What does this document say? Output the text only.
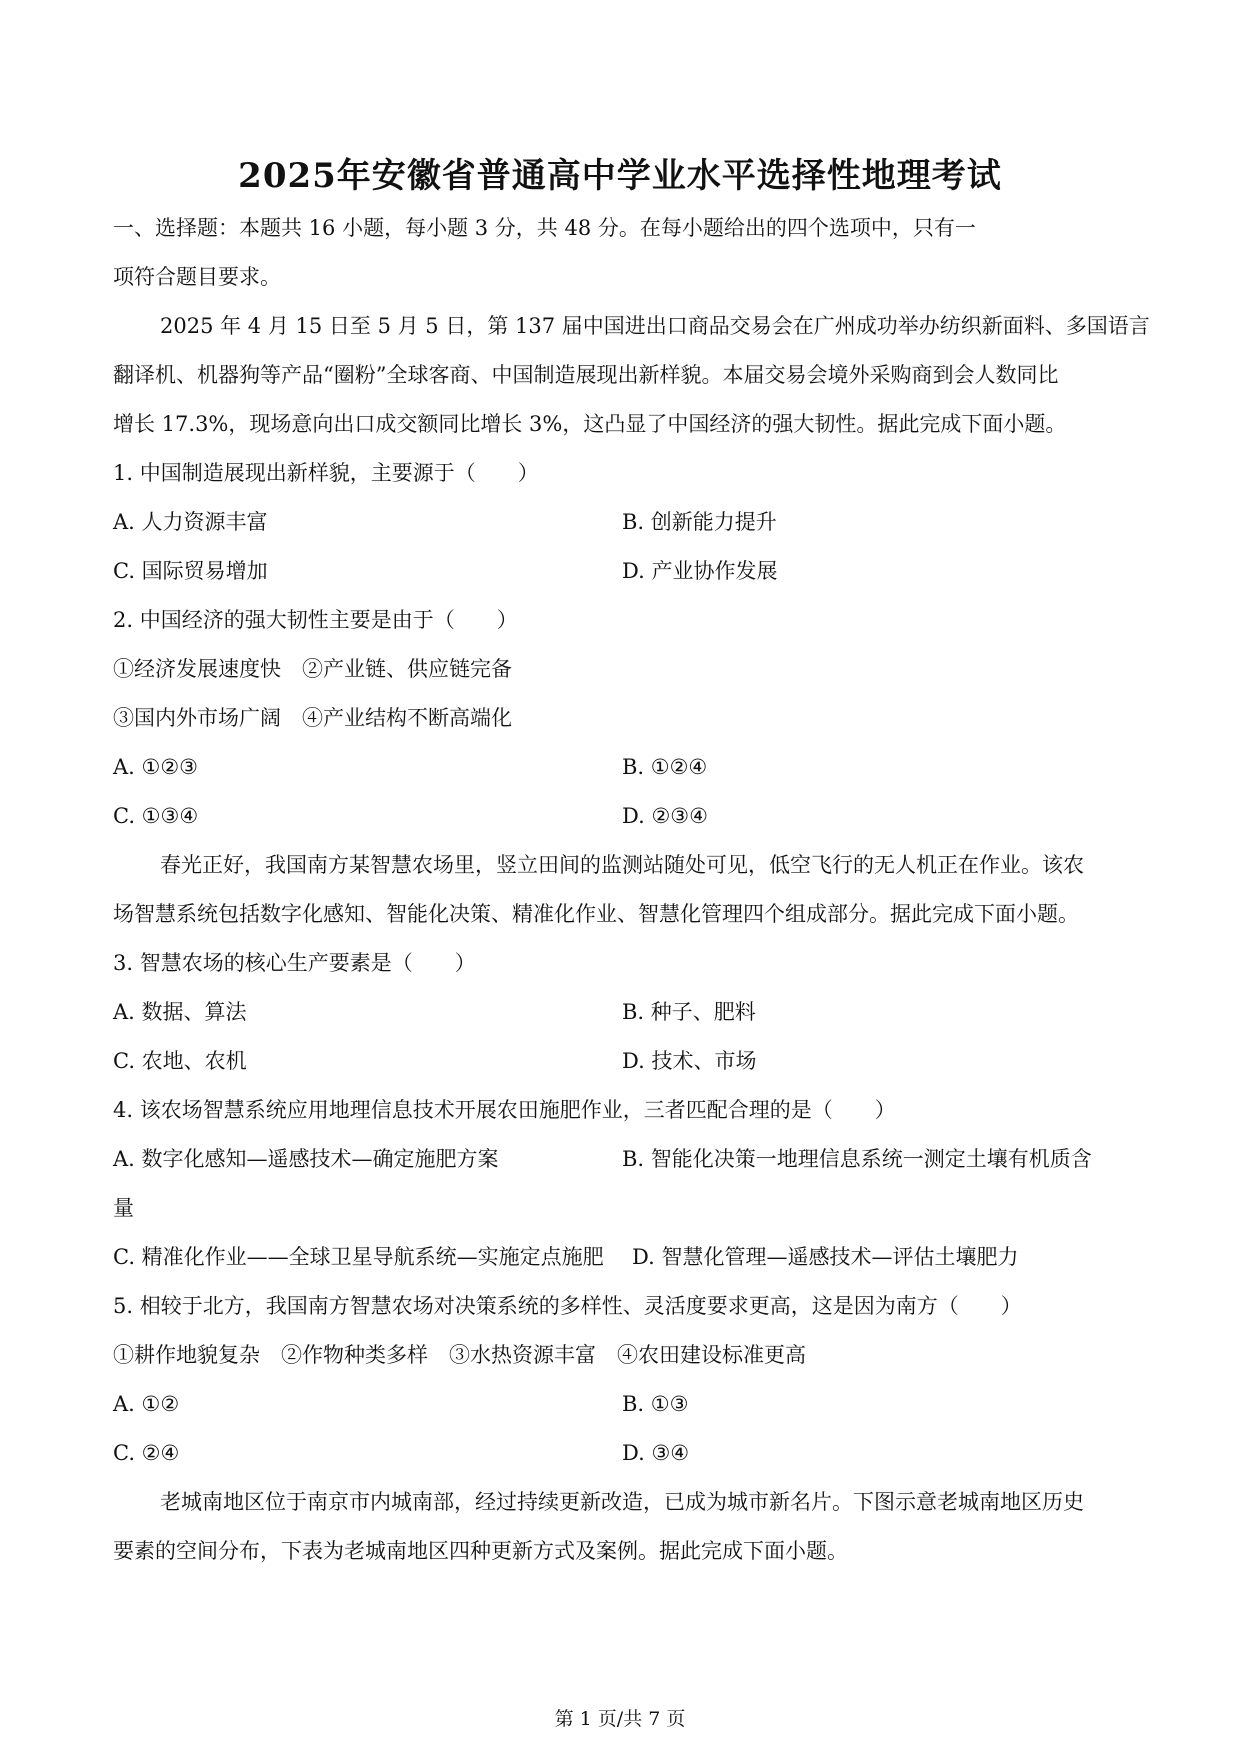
2025年安徽省普通高中学业水平选择性地理考试
一、选择题：本题共 16 小题，每小题 3 分，共 48 分。在每小题给出的四个选项中，只有一
项符合题目要求。
2025 年 4 月 15 日至 5 月 5 日，第 137 届中国进出口商品交易会在广州成功举办纺织新面料、多国语言
翻译机、机器狗等产品“圈粉”全球客商、中国制造展现出新样貌。本届交易会境外采购商到会人数同比
增长 17.3%，现场意向出口成交额同比增长 3%，这凸显了中国经济的强大韧性。据此完成下面小题。
1. 中国制造展现出新样貌，主要源于（　　）
A. 人力资源丰富	B. 创新能力提升
C. 国际贸易增加	D. 产业协作发展
2. 中国经济的强大韧性主要是由于（　　）
①经济发展速度快　②产业链、供应链完备
③国内外市场广阔　④产业结构不断高端化
A. ①②③	B. ①②④
C. ①③④	D. ②③④
春光正好，我国南方某智慧农场里，竖立田间的监测站随处可见，低空飞行的无人机正在作业。该农
场智慧系统包括数字化感知、智能化决策、精准化作业、智慧化管理四个组成部分。据此完成下面小题。
3. 智慧农场的核心生产要素是（　　）
A. 数据、算法	B. 种子、肥料
C. 农地、农机	D. 技术、市场
4. 该农场智慧系统应用地理信息技术开展农田施肥作业，三者匹配合理的是（　　）
A. 数字化感知—遥感技术—确定施肥方案	B. 智能化决策一地理信息系统一测定土壤有机质含
量
C. 精准化作业——全球卫星导航系统—实施定点施肥 D. 智慧化管理—遥感技术—评估土壤肥力
5. 相较于北方，我国南方智慧农场对决策系统的多样性、灵活度要求更高，这是因为南方（　　）
①耕作地貌复杂　②作物种类多样　③水热资源丰富　④农田建设标准更高
A. ①②	B. ①③
C. ②④	D. ③④
老城南地区位于南京市内城南部，经过持续更新改造，已成为城市新名片。下图示意老城南地区历史
要素的空间分布，下表为老城南地区四种更新方式及案例。据此完成下面小题。
第 1 页/共 7 页
